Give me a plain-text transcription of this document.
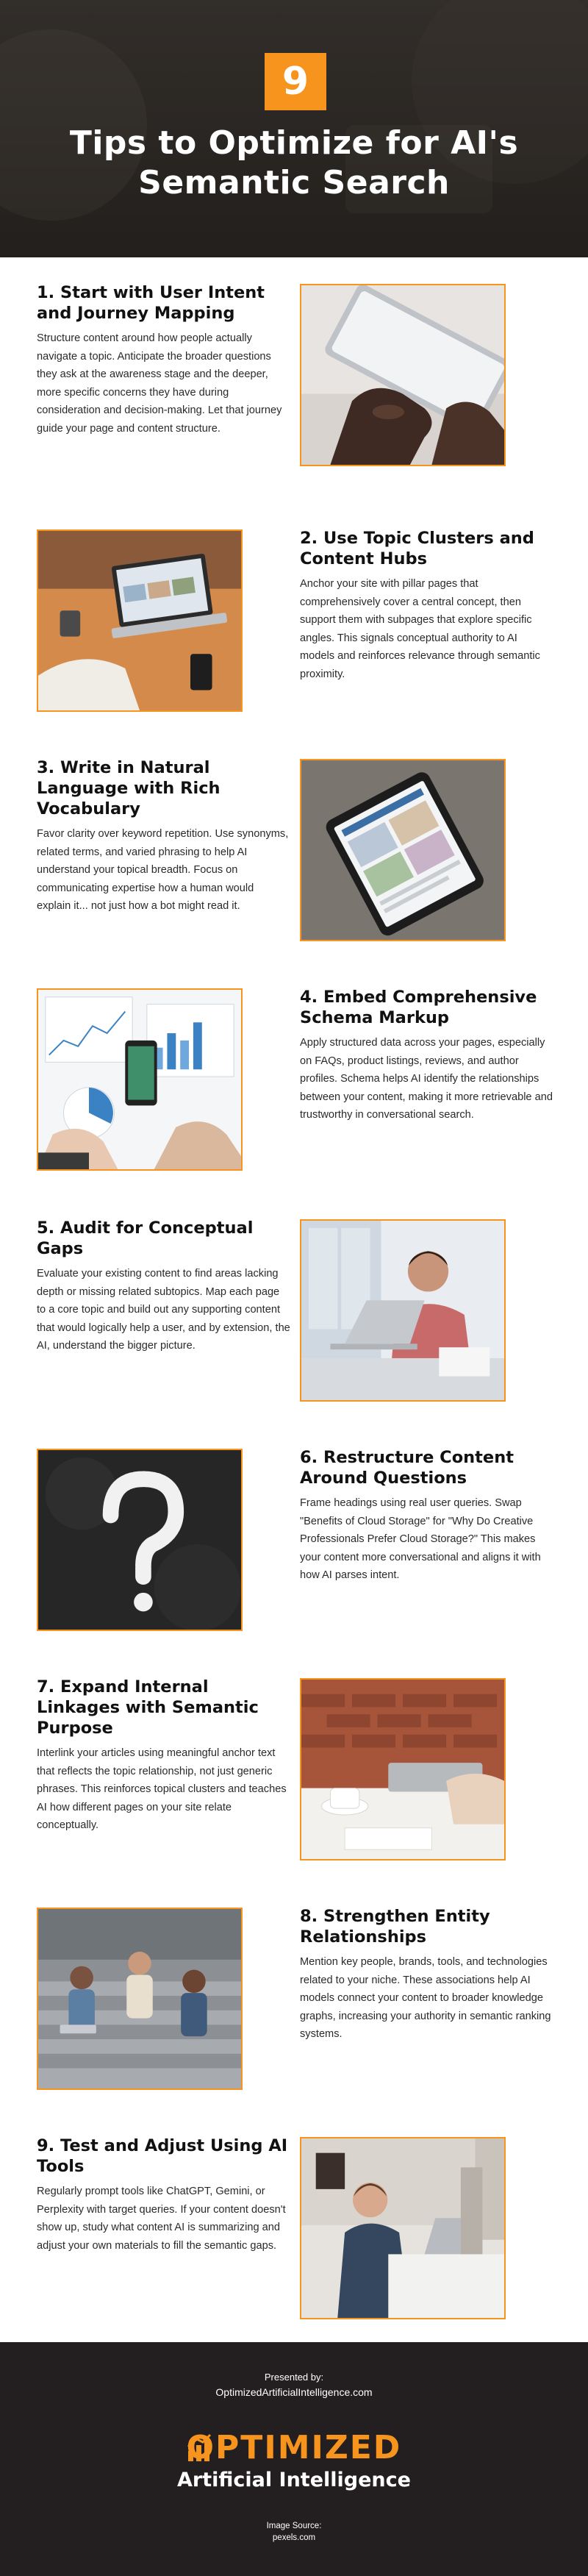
9
Tips to Optimize for AI's
Semantic Search
1. Start with User Intent and Journey Mapping
Structure content around how people actually navigate a topic. Anticipate the broader questions they ask at the awareness stage and the deeper, more specific concerns they have during consideration and decision-making. Let that journey guide your page and content structure.
2. Use Topic Clusters and Content Hubs
Anchor your site with pillar pages that comprehensively cover a central concept, then support them with subpages that explore specific angles. This signals conceptual authority to AI models and reinforces relevance through semantic proximity.
3. Write in Natural Language with Rich Vocabulary
Favor clarity over keyword repetition. Use synonyms, related terms, and varied phrasing to help AI understand your topical breadth. Focus on communicating expertise how a human would explain it... not just how a bot might read it.
4. Embed Comprehensive Schema Markup
Apply structured data across your pages, especially on FAQs, product listings, reviews, and author profiles. Schema helps AI identify the relationships between your content, making it more retrievable and trustworthy in conversational search.
5. Audit for Conceptual Gaps
Evaluate your existing content to find areas lacking depth or missing related subtopics. Map each page to a core topic and build out any supporting content that would logically help a user, and by extension, the AI, understand the bigger picture.
6. Restructure Content Around Questions
Frame headings using real user queries. Swap "Benefits of Cloud Storage" for "Why Do Creative Professionals Prefer Cloud Storage?" This makes your content more conversational and aligns it with how AI parses intent.
7. Expand Internal Linkages with Semantic Purpose
Interlink your articles using meaningful anchor text that reflects the topic relationship, not just generic phrases. This reinforces topical clusters and teaches AI how different pages on your site relate conceptually.
8. Strengthen Entity Relationships
Mention key people, brands, tools, and technologies related to your niche. These associations help AI models connect your content to broader knowledge graphs, increasing your authority in semantic ranking systems.
9. Test and Adjust Using AI Tools
Regularly prompt tools like ChatGPT, Gemini, or Perplexity with target queries. If your content doesn't show up, study what content AI is summarizing and adjust your own materials to fill the semantic gaps.
Presented by:
OptimizedArtificialIntelligence.com
OPTIMIZED
Artificial Intelligence
Image Source:
pexels.com
